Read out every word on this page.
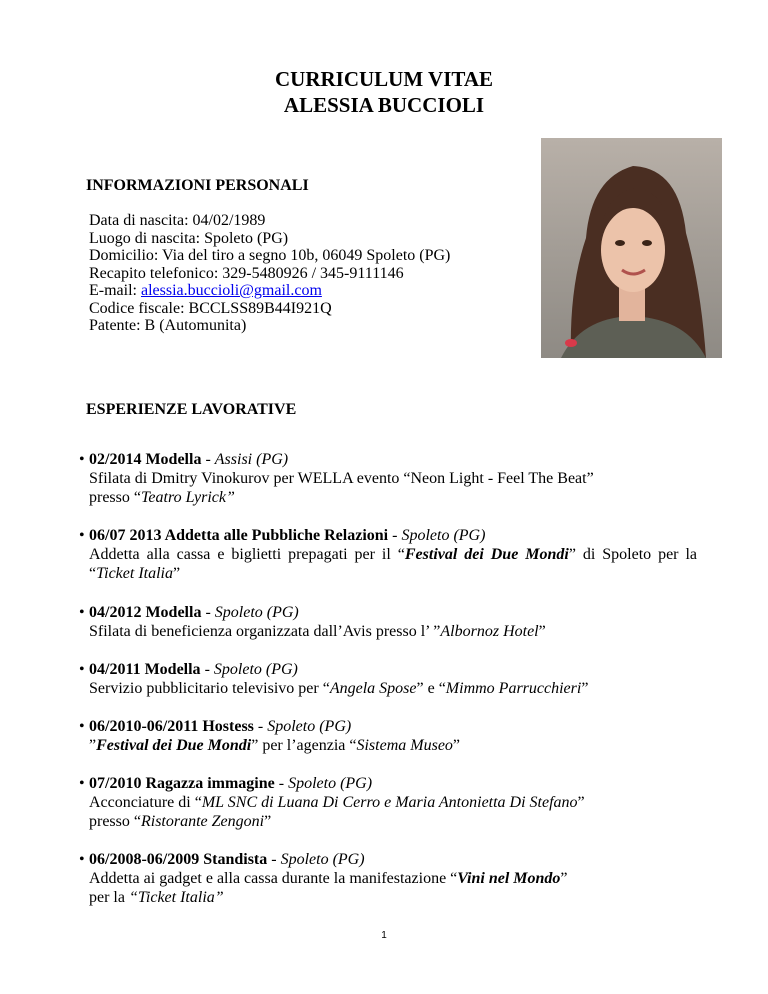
CURRICULUM VITAE
ALESSIA BUCCIOLI
INFORMAZIONI PERSONALI
Data di nascita: 04/02/1989
Luogo di nascita: Spoleto (PG)
Domicilio: Via del tiro a segno 10b, 06049 Spoleto (PG)
Recapito telefonico: 329-5480926 / 345-9111146
E-mail: alessia.buccioli@gmail.com
Codice fiscale: BCCLSS89B44I921Q
Patente: B (Automunita)
ESPERIENZE LAVORATIVE
• 02/2014 Modella - Assisi (PG)
Sfilata di Dmitry Vinokurov per WELLA evento “Neon Light - Feel The Beat”
presso “Teatro Lyrick”
• 06/07 2013 Addetta alle Pubbliche Relazioni - Spoleto (PG)
Addetta alla cassa e biglietti prepagati per il “Festival dei Due Mondi” di Spoleto per la “Ticket Italia”
• 04/2012 Modella - Spoleto (PG)
Sfilata di beneficienza organizzata dall’Avis presso l’ ”Albornoz Hotel”
• 04/2011 Modella - Spoleto (PG)
Servizio pubblicitario televisivo per “Angela Spose” e “Mimmo Parrucchieri”
• 06/2010-06/2011 Hostess - Spoleto (PG)
”Festival dei Due Mondi” per l’agenzia “Sistema Museo”
• 07/2010 Ragazza immagine - Spoleto (PG)
Acconciature di “ML SNC di Luana Di Cerro e Maria Antonietta Di Stefano”
presso “Ristorante Zengoni”
• 06/2008-06/2009 Standista - Spoleto (PG)
Addetta ai gadget e alla cassa durante la manifestazione “Vini nel Mondo”
per la “Ticket Italia”
1
